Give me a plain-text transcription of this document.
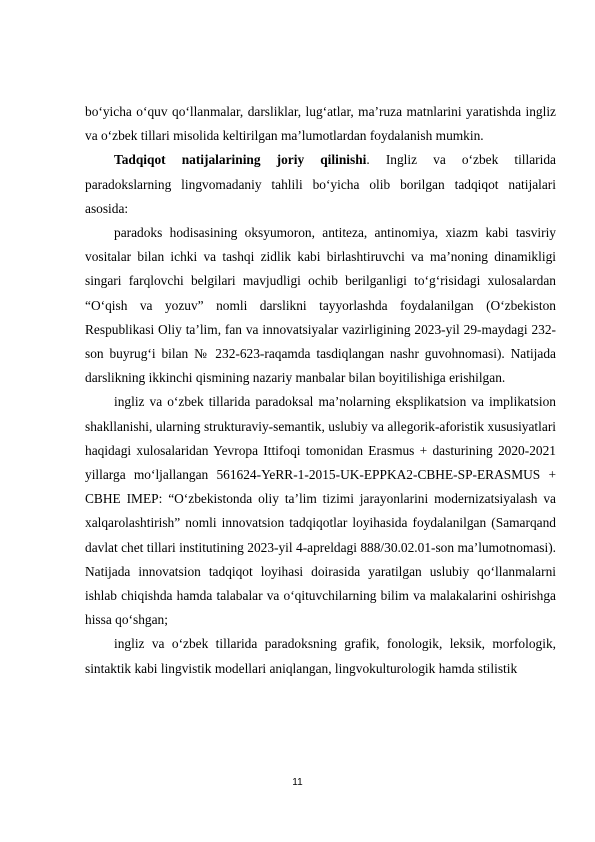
bo‘yicha o‘quv qo‘llanmalar, darsliklar, lug‘atlar, ma’ruza matnlarini yaratishda ingliz va o‘zbek tillari misolida keltirilgan ma’lumotlardan foydalanish mumkin.

Tadqiqot natijalarining joriy qilinishi. Ingliz va o‘zbek tillarida paradokslarning lingvomadaniy tahlili bo‘yicha olib borilgan tadqiqot natijalari asosida:

paradoks hodisasining oksyumoron, antiteza, antinomiya, xiazm kabi tasviriy vositalar bilan ichki va tashqi zidlik kabi birlashtiruvchi va ma’noning dinamikligi singari farqlovchi belgilari mavjudligi ochib berilganligi to‘g‘risidagi xulosalardan “O‘qish va yozuv” nomli darslikni tayyorlashda foydalanilgan (O‘zbekiston Respublikasi Oliy ta’lim, fan va innovatsiyalar vazirligining 2023-yil 29-maydagi 232-son buyrug‘i bilan № 232-623-raqamda tasdiqlangan nashr guvohnomasi). Natijada darslikning ikkinchi qismining nazariy manbalar bilan boyitilishiga erishilgan.

ingliz va o‘zbek tillarida paradoksal ma’nolarning eksplikatsion va implikatsion shakllanishi, ularning strukturaviy-semantik, uslubiy va allegorik-aforistik xususiyatlari haqidagi xulosalaridan Yevropa Ittifoqi tomonidan Erasmus + dasturining 2020-2021 yillarga mo‘ljallangan 561624-YeRR-1-2015-UK-EPPKA2-CBHE-SP-ERASMUS + CBHE IMEP: “O‘zbekistonda oliy ta’lim tizimi jarayonlarini modernizatsiyalash va xalqarolashtirish” nomli innovatsion tadqiqotlar loyihasida foydalanilgan (Samarqand davlat chet tillari institutining 2023-yil 4-apreldagi 888/30.02.01-son ma’lumotnomasi). Natijada innovatsion tadqiqot loyihasi doirasida yaratilgan uslubiy qo‘llanmalarni ishlab chiqishda hamda talabalar va o‘qituvchilarning bilim va malakalarini oshirishga hissa qo‘shgan;

ingliz va o‘zbek tillarida paradoksning grafik, fonologik, leksik, morfologik, sintaktik kabi lingvistik modellari aniqlangan, lingvokulturologik hamda stilistik

11
